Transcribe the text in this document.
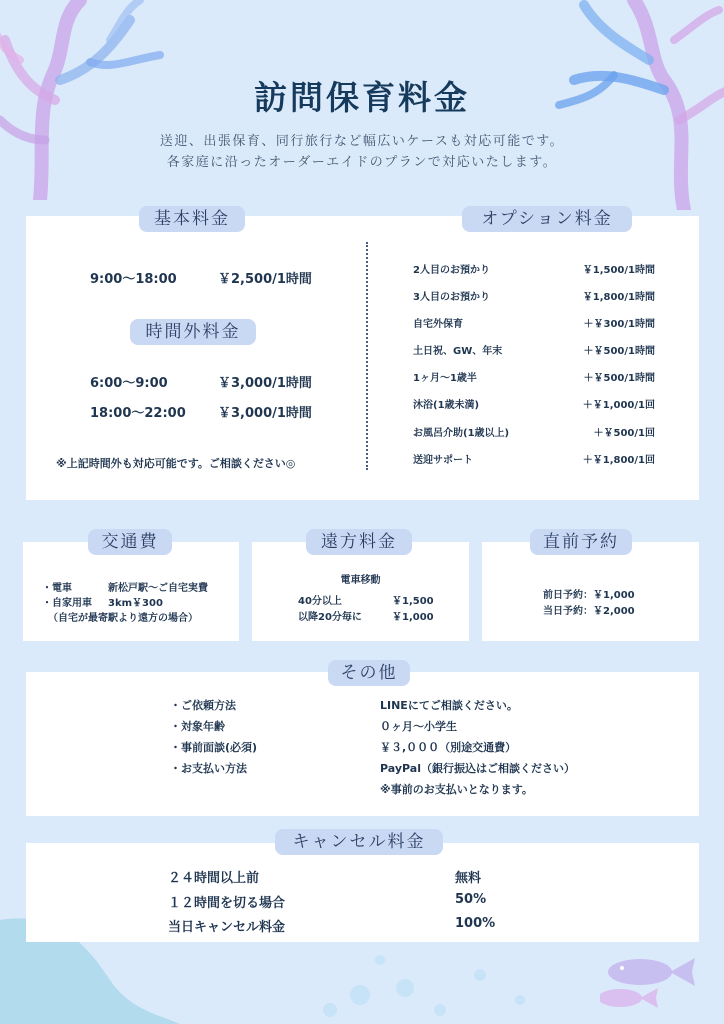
訪問保育料金
送迎、出張保育、同行旅行など幅広いケースも対応可能です。
各家庭に沿ったオーダーエイドのプランで対応いたします。
基本料金
9:00〜18:00	￥2,500/1時間
時間外料金
6:00〜9:00	￥3,000/1時間
18:00〜22:00 ￥3,000/1時間
※上記時間外も対応可能です。ご相談ください◎
オプション料金
2人目のお預かり	￥1,500/1時間
3人目のお預かり	￥1,800/1時間
自宅外保育	＋￥300/1時間
土日祝、GW、年末	＋￥500/1時間
1ヶ月〜1歳半	＋￥500/1時間
沐浴(1歳未満)	＋￥1,000/1回
お風呂介助(1歳以上)	＋￥500/1回
送迎サポート	＋￥1,800/1回
交通費
・電車	新松戸駅〜ご自宅実費
・自家用車 3km￥300
（自宅が最寄駅より遠方の場合）
遠方料金
電車移動
40分以上	￥1,500
以降20分毎に	￥1,000
直前予約
前日予約：￥1,000
当日予約：￥2,000
その他
・ご依頼方法	LINEにてご相談ください。
・対象年齢	０ヶ月〜小学生
・事前面談(必須)	￥３,０００（別途交通費）
・お支払い方法	PayPal（銀行振込はご相談ください）
※事前のお支払いとなります。
キャンセル料金
２４時間以上前	無料
１２時間を切る場合	50%
当日キャンセル料金	100%
